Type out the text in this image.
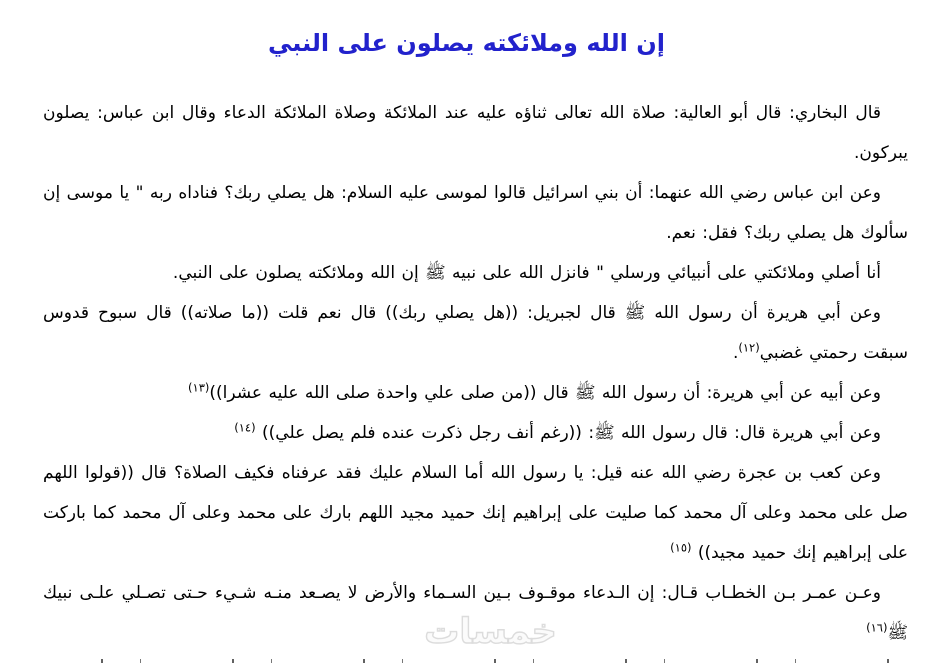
إن الله وملائكته يصلون على النبي

قال البخاري: قال أبو العالية: صلاة الله تعالى ثناؤه عليه عند الملائكة وصلاة الملائكة الدعاء وقال ابن عباس: يصلون يبركون.

وعن ابن عباس رضي الله عنهما: أن بني اسرائيل قالوا لموسى عليه السلام: هل يصلي ربك؟ فناداه ربه " يا موسى إن سألوك هل يصلي ربك؟ فقل: نعم.

أنا أصلي وملائكتي على أنبيائي ورسلي " فانزل الله على نبيه ﷺ إن الله وملائكته يصلون على النبي.

وعن أبي هريرة أن رسول الله ﷺ قال لجبريل: ((هل يصلي ربك)) قال نعم قلت ((ما صلاته)) قال سبوح قدوس سبقت رحمتي غضبي$^{(١٢)}$.

وعن أبيه عن أبي هريرة: أن رسول الله ﷺ قال ((من صلى علي واحدة صلى الله عليه عشرا))$^{(١٣)}$

وعن أبي هريرة قال: قال رسول الله ﷺ: ((رغم أنف رجل ذكرت عنده فلم يصل علي)) $^{(١٤)}$

وعن كعب بن عجرة رضي الله عنه قيل: يا رسول الله أما السلام عليك فقد عرفناه فكيف الصلاة؟ قال ((قولوا اللهم صل على محمد وعلى آل محمد كما صليت على إبراهيم إنك حميد مجيد اللهم بارك على محمد وعلى آل محمد كما باركت على إبراهيم إنك حميد مجيد)) $^{(١٥)}$

وعـن عمـر بـن الخطـاب قـال: إن الـدعاء موقـوف بـين السـماء والأرض لا يصـعد منـه شـيء حـتى تصـلي علـى نبيك ﷺ$^{(١٦)}$

خمسات
